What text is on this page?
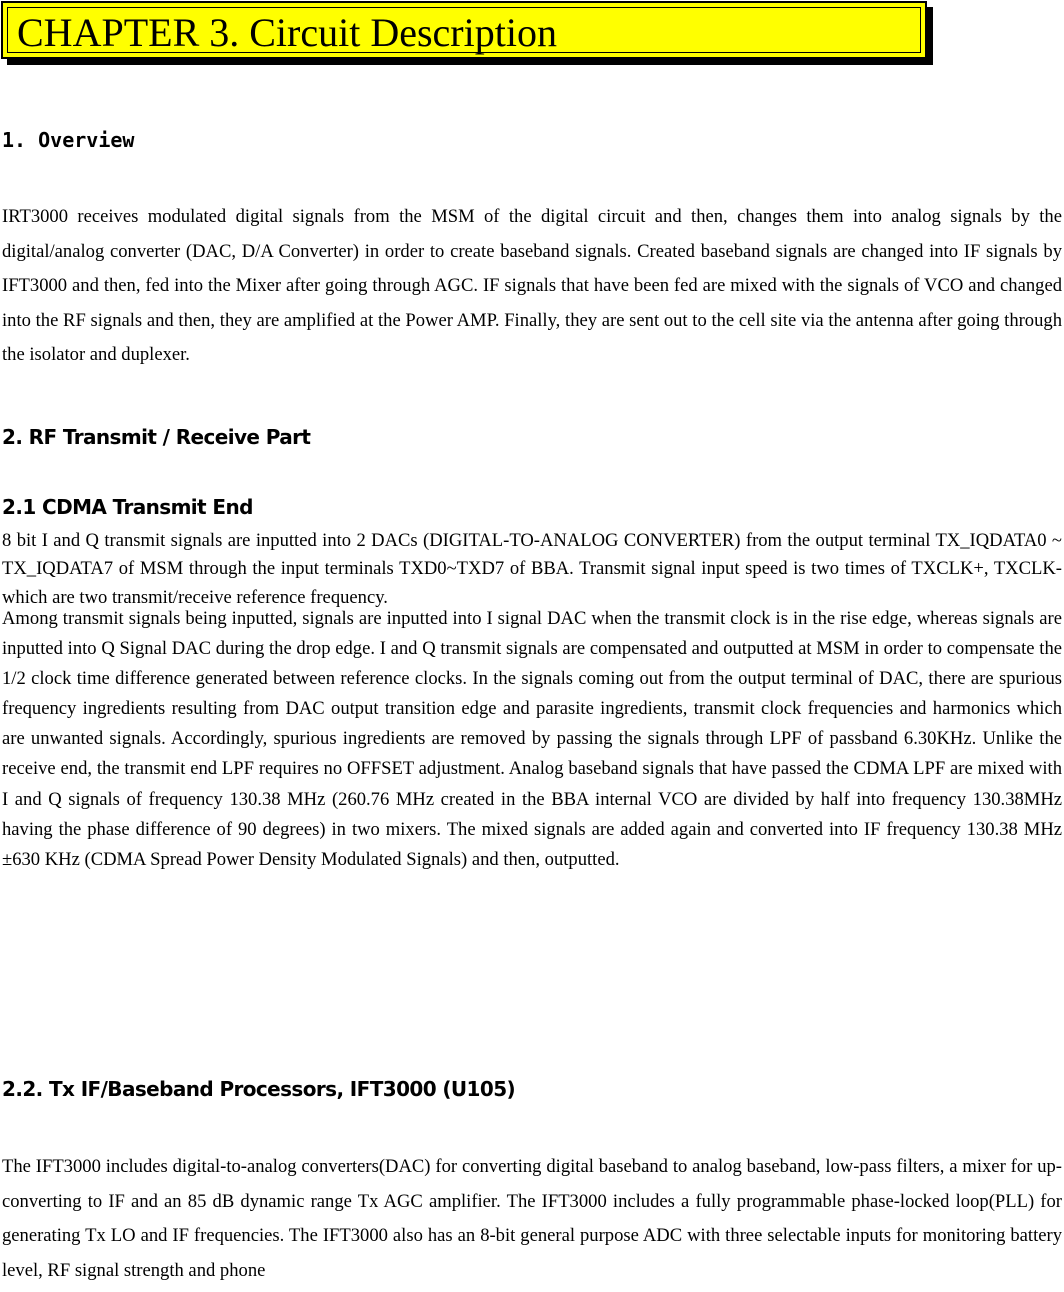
CHAPTER 3. Circuit Description
1. Overview

IRT3000 receives modulated digital signals from the MSM of the digital circuit and then, changes them into analog signals by the digital/analog converter (DAC, D/A Converter) in order to create baseband signals. Created baseband signals are changed into IF signals by IFT3000 and then, fed into the Mixer after going through AGC. IF signals that have been fed are mixed with the signals of VCO and changed into the RF signals and then, they are amplified at the Power AMP. Finally, they are sent out to the cell site via the antenna after going through the isolator and duplexer.

2. RF Transmit / Receive Part
2.1 CDMA Transmit End

8 bit I and Q transmit signals are inputted into 2 DACs (DIGITAL-TO-ANALOG CONVERTER) from the output terminal TX_IQDATA0 ~ TX_IQDATA7 of MSM through the input terminals TXD0~TXD7 of BBA. Transmit signal input speed is two times of TXCLK+, TXCLK- which are two transmit/receive reference frequency.

Among transmit signals being inputted, signals are inputted into I signal DAC when the transmit clock is in the rise edge, whereas signals are inputted into Q Signal DAC during the drop edge. I and Q transmit signals are compensated and outputted at MSM in order to compensate the 1/2 clock time difference generated between reference clocks. In the signals coming out from the output terminal of DAC, there are spurious frequency ingredients resulting from DAC output transition edge and parasite ingredients, transmit clock frequencies and harmonics which are unwanted signals. Accordingly, spurious ingredients are removed by passing the signals through LPF of passband 6.30KHz. Unlike the receive end, the transmit end LPF requires no OFFSET adjustment. Analog baseband signals that have passed the CDMA LPF are mixed with I and Q signals of frequency 130.38 MHz (260.76 MHz created in the BBA internal VCO are divided by half into frequency 130.38MHz having the phase difference of 90 degrees) in two mixers. The mixed signals are added again and converted into IF frequency 130.38 MHz ±630 KHz (CDMA Spread Power Density Modulated Signals) and then, outputted.

2.2. Tx IF/Baseband Processors, IFT3000 (U105)

The IFT3000 includes digital-to-analog converters(DAC) for converting digital baseband to analog baseband, low-pass filters, a mixer for up-converting to IF and an 85 dB dynamic range Tx AGC amplifier. The IFT3000 includes a fully programmable phase-locked loop(PLL) for generating Tx LO and IF frequencies. The IFT3000 also has an 8-bit general purpose ADC with three selectable inputs for monitoring battery level, RF signal strength and phone
